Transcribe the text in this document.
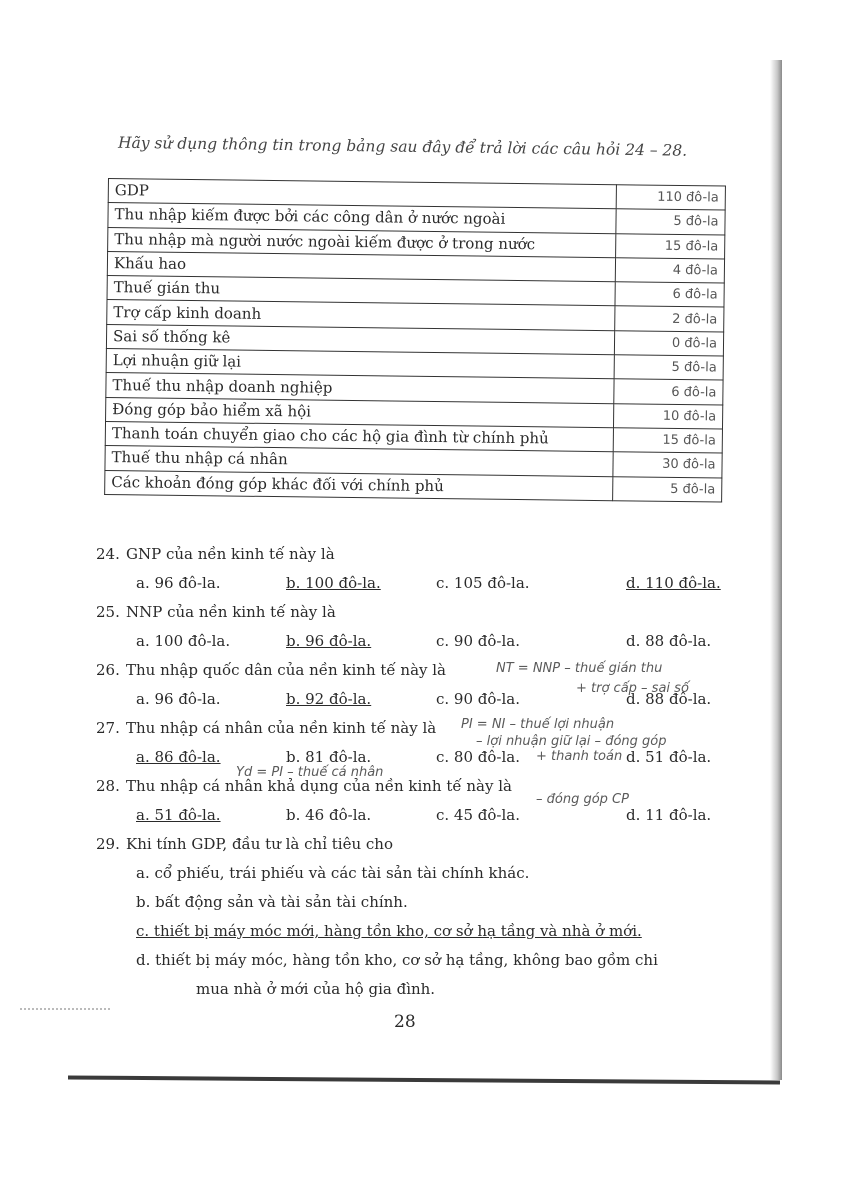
Hãy sử dụng thông tin trong bảng sau đây để trả lời các câu hỏi 24 – 28.
GDP	110 đô-la
Thu nhập kiếm được bởi các công dân ở nước ngoài	5 đô-la
Thu nhập mà người nước ngoài kiếm được ở trong nước	15 đô-la
Khấu hao	4 đô-la
Thuế gián thu	6 đô-la
Trợ cấp kinh doanh	2 đô-la
Sai số thống kê	0 đô-la
Lợi nhuận giữ lại	5 đô-la
Thuế thu nhập doanh nghiệp	6 đô-la
Đóng góp bảo hiểm xã hội	10 đô-la
Thanh toán chuyển giao cho các hộ gia đình từ chính phủ	15 đô-la
Thuế thu nhập cá nhân	30 đô-la
Các khoản đóng góp khác đối với chính phủ	5 đô-la
24. GNP của nền kinh tế này là
a. 96 đô-la.	b. 100 đô-la.	c. 105 đô-la.	d. 110 đô-la.
25. NNP của nền kinh tế này là
a. 100 đô-la.	b. 96 đô-la.	c. 90 đô-la.	d. 88 đô-la.
26. Thu nhập quốc dân của nền kinh tế này là
a. 96 đô-la.	b. 92 đô-la.	c. 90 đô-la.	d. 88 đô-la.
NT = NNP – thuế gián thu
+ trợ cấp – sai số
27. Thu nhập cá nhân của nền kinh tế này là
a. 86 đô-la.	b. 81 đô-la.	c. 80 đô-la.	d. 51 đô-la.
PI = NI – thuế lợi nhuận
– lợi nhuận giữ lại – đóng góp
+ thanh toán
28. Thu nhập cá nhân khả dụng của nền kinh tế này là
a. 51 đô-la.	b. 46 đô-la.	c. 45 đô-la.	d. 11 đô-la.
Yd = PI – thuế cá nhân
– đóng góp CP
29. Khi tính GDP, đầu tư là chỉ tiêu cho
a. cổ phiếu, trái phiếu và các tài sản tài chính khác.
b. bất động sản và tài sản tài chính.
c. thiết bị máy móc mới, hàng tồn kho, cơ sở hạ tầng và nhà ở mới.
d. thiết bị máy móc, hàng tồn kho, cơ sở hạ tầng, không bao gồm chi
mua nhà ở mới của hộ gia đình.
28
